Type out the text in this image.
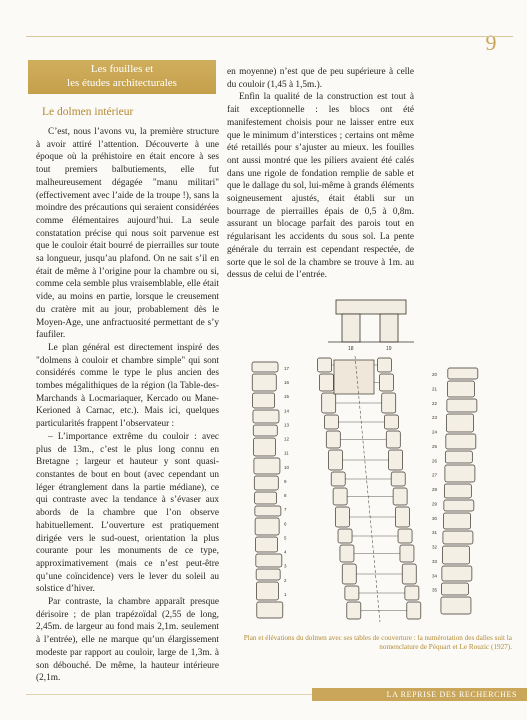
9
Les fouilles et
les études architecturales
Le dolmen intérieur

C’est, nous l’avons vu, la première structure à avoir attiré l’attention. Découverte à une époque où la préhistoire en était encore à ses tout premiers balbutiements, elle fut malheureusement dégagée "manu militari" (effectivement avec l’aide de la troupe !), sans la moindre des précautions qui seraient considérées comme élémentaires aujourd’hui. La seule constatation précise qui nous soit parvenue est que le couloir était bourré de pierrailles sur toute sa longueur, jusqu’au plafond. On ne sait s’il en était de même à l’origine pour la chambre ou si, comme cela semble plus vraisemblable, elle était vide, au moins en partie, lorsque le creusement du cratère mit au jour, probablement dès le Moyen-Age, une anfractuosité permettant de s’y faufiler.

Le plan général est directement inspiré des "dolmens à couloir et chambre simple" qui sont considérés comme le type le plus ancien des tombes mégalithiques de la région (la Table-des-Marchands à Locmariaquer, Kercado ou Mane-Kerioned à Carnac, etc.). Mais ici, quelques particularités frappent l’observateur :

– L’importance extrême du couloir : avec plus de 13m., c’est le plus long connu en Bretagne ; largeur et hauteur y sont quasi-constantes de bout en bout (avec cependant un léger étranglement dans la partie médiane), ce qui contraste avec la tendance à s’évaser aux abords de la chambre que l’on observe habituellement. L’ouverture est pratiquement dirigée vers le sud-ouest, orientation la plus courante pour les monuments de ce type, approximativement (mais ce n’est peut-être qu’une coïncidence) vers le lever du soleil au solstice d’hiver.

Par contraste, la chambre apparaît presque dérisoire ; de plan trapézoïdal (2,55 de long, 2,45m. de largeur au fond mais 2,1m. seulement à l’entrée), elle ne marque qu’un élargissement modeste par rapport au couloir, large de 1,3m. à son débouché. De même, la hauteur intérieure (2,1m.

en moyenne) n’est que de peu supérieure à celle du couloir (1,45 à 1,5m.).

Enfin la qualité de la construction est tout à fait exceptionnelle : les blocs ont été manifestement choisis pour ne laisser entre eux que le minimum d’interstices ; certains ont même été retaillés pour s’ajuster au mieux. les fouilles ont aussi montré que les piliers avaient été calés dans une rigole de fondation remplie de sable et que le dallage du sol, lui-même à grands éléments soigneusement ajustés, était établi sur un bourrage de pierrailles épais de 0,5 à 0,8m. assurant un blocage parfait des parois tout en régularisant les accidents du sous sol. La pente générale du terrain est cependant respectée, de sorte que le sol de la chambre se trouve à 1m. au dessus de celui de l’entrée.

18	19
17
16
15
14
13
12
11
10
9
8
7
6
5
4
3
2
1
20
21
22
23
24
25
26
27
28
29
30
31
32
33
34
35
Plan et élévations du dolmen avec ses tables de couverture : la numérotation des dalles suit la nomenclature de Péquart et Le Rouzic (1927).
LA REPRISE DES RECHERCHES
